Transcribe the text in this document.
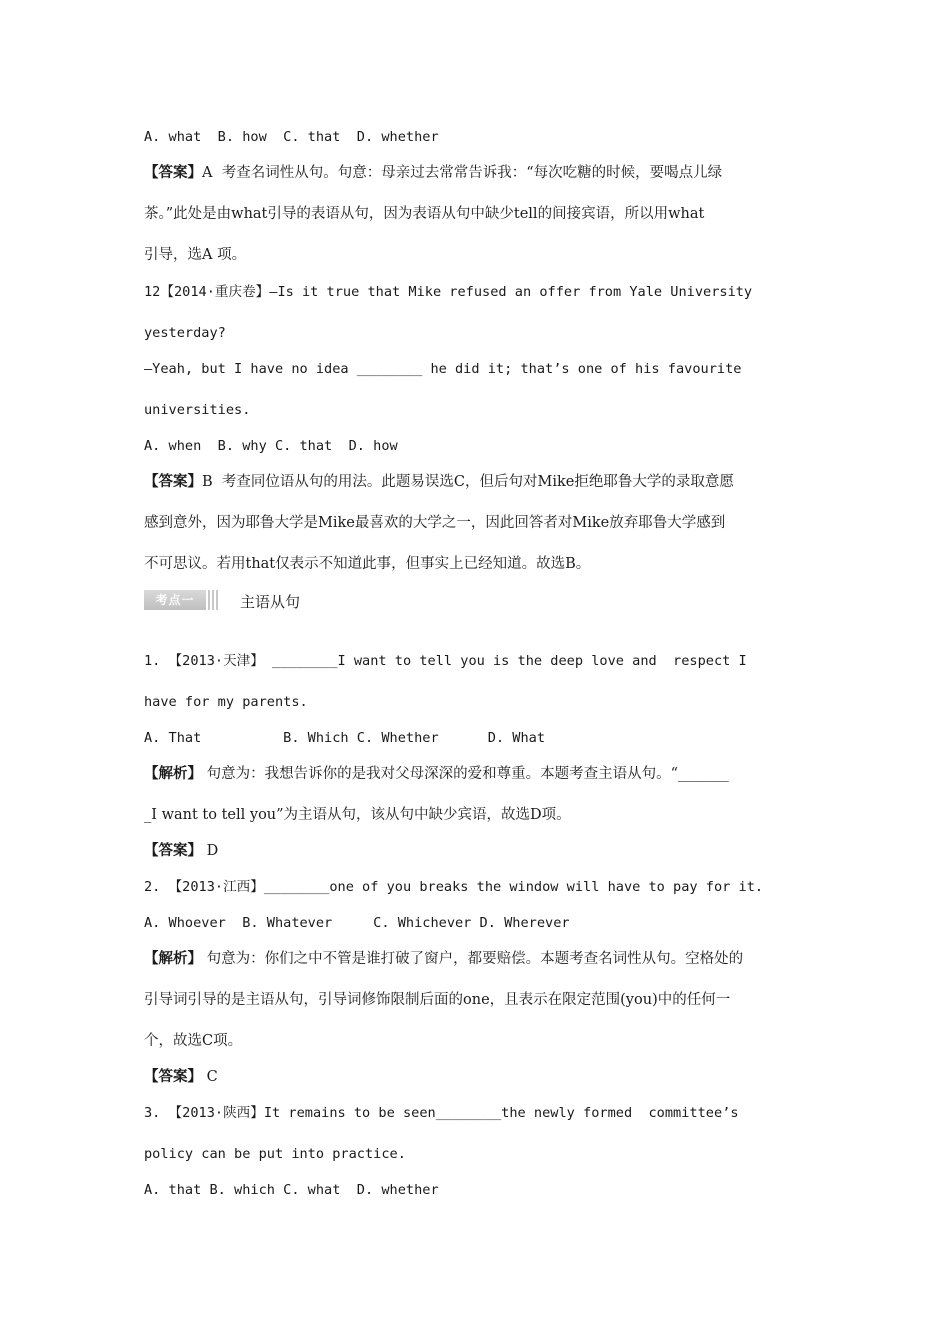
A. what  B. how  C. that  D. whether
【答案】A  考查名词性从句。句意：母亲过去常常告诉我：“每次吃糖的时候，要喝点儿绿
茶。”此处是由what引导的表语从句，因为表语从句中缺少tell的间接宾语，所以用what
引导，选A 项。
12【2014·重庆卷】—Is it true that Mike refused an offer from Yale University
yesterday?
—Yeah, but I have no idea ________ he did it; that’s one of his favourite
universities.
A. when  B. why C. that  D. how
【答案】B  考查同位语从句的用法。此题易误选C，但后句对Mike拒绝耶鲁大学的录取意愿
感到意外，因为耶鲁大学是Mike最喜欢的大学之一，因此回答者对Mike放弃耶鲁大学感到
不可思议。若用that仅表示不知道此事，但事实上已经知道。故选B。
考点一	主语从句
1. 【2013·天津】 ________I want to tell you is the deep love and  respect I
have for my parents.
A. That          B. Which C. Whether      D. What
【解析】 句意为：我想告诉你的是我对父母深深的爱和尊重。本题考查主语从句。“_______
_I want to tell you”为主语从句，该从句中缺少宾语，故选D项。
【答案】 D
2. 【2013·江西】________one of you breaks the window will have to pay for it.
A. Whoever  B. Whatever     C. Whichever D. Wherever
【解析】 句意为：你们之中不管是谁打破了窗户，都要赔偿。本题考查名词性从句。空格处的
引导词引导的是主语从句，引导词修饰限制后面的one，且表示在限定范围(you)中的任何一
个，故选C项。
【答案】 C
3. 【2013·陕西】It remains to be seen________the newly formed  committee’s
policy can be put into practice.
A. that B. which C. what  D. whether
